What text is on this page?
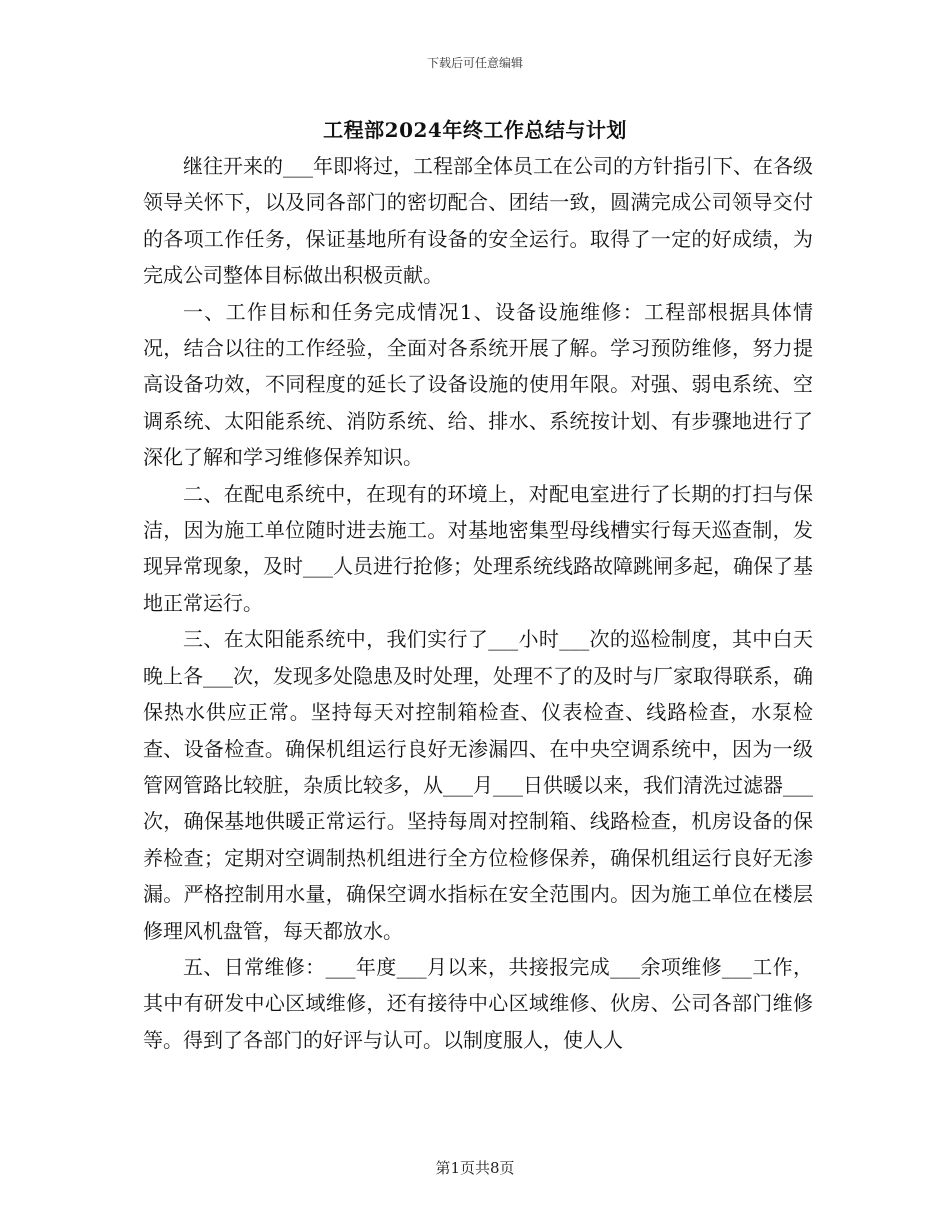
下载后可任意编辑
工程部2024年终工作总结与计划

继往开来的___年即将过，工程部全体员工在公司的方针指引下、在各级领导关怀下，以及同各部门的密切配合、团结一致，圆满完成公司领导交付的各项工作任务，保证基地所有设备的安全运行。取得了一定的好成绩，为完成公司整体目标做出积极贡献。

一、工作目标和任务完成情况1、设备设施维修：工程部根据具体情况，结合以往的工作经验，全面对各系统开展了解。学习预防维修，努力提高设备功效，不同程度的延长了设备设施的使用年限。对强、弱电系统、空调系统、太阳能系统、消防系统、给、排水、系统按计划、有步骤地进行了深化了解和学习维修保养知识。

二、在配电系统中，在现有的环境上，对配电室进行了长期的打扫与保洁，因为施工单位随时进去施工。对基地密集型母线槽实行每天巡查制，发现异常现象，及时___人员进行抢修；处理系统线路故障跳闸多起，确保了基地正常运行。

三、在太阳能系统中，我们实行了___小时___次的巡检制度，其中白天晚上各___次，发现多处隐患及时处理，处理不了的及时与厂家取得联系，确保热水供应正常。坚持每天对控制箱检查、仪表检查、线路检查，水泵检查、设备检查。确保机组运行良好无渗漏四、在中央空调系统中，因为一级管网管路比较脏，杂质比较多，从___月___日供暖以来，我们清洗过滤器___次，确保基地供暖正常运行。坚持每周对控制箱、线路检查，机房设备的保养检查；定期对空调制热机组进行全方位检修保养，确保机组运行良好无渗漏。严格控制用水量，确保空调水指标在安全范围内。因为施工单位在楼层修理风机盘管，每天都放水。

五、日常维修：___年度___月以来，共接报完成___余项维修___工作，其中有研发中心区域维修，还有接待中心区域维修、伙房、公司各部门维修等。得到了各部门的好评与认可。以制度服人，使人人

第1页共8页
